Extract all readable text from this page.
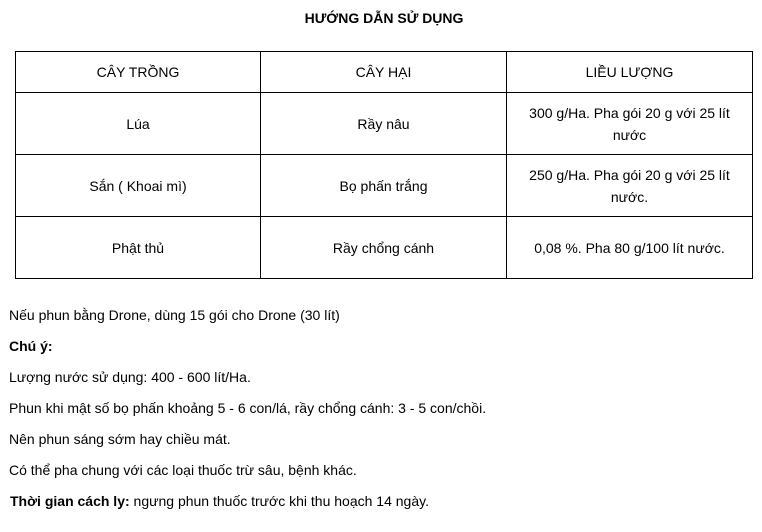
HƯỚNG DẪN SỬ DỤNG
CÂY TRỒNG	CÂY HẠI	LIỀU LƯỢNG
Lúa	Rầy nâu	300 g/Ha. Pha gói 20 g với 25 lít nước
Sắn ( Khoai mì)	Bọ phấn trắng	250 g/Ha. Pha gói 20 g với 25 lít nước.
Phật thủ	Rầy chổng cánh	0,08 %. Pha 80 g/100 lít nước.

Nếu phun bằng Drone, dùng 15 gói cho Drone (30 lít)

Chú ý:

Lượng nước sử dụng: 400 - 600 lít/Ha.

Phun khi mật số bọ phấn khoảng 5 - 6 con/lá, rầy chổng cánh: 3 - 5 con/chồi.

Nên phun sáng sớm hay chiều mát.

Có thể pha chung với các loại thuốc trừ sâu, bệnh khác.

Thời gian cách ly: ngưng phun thuốc trước khi thu hoạch 14 ngày.
